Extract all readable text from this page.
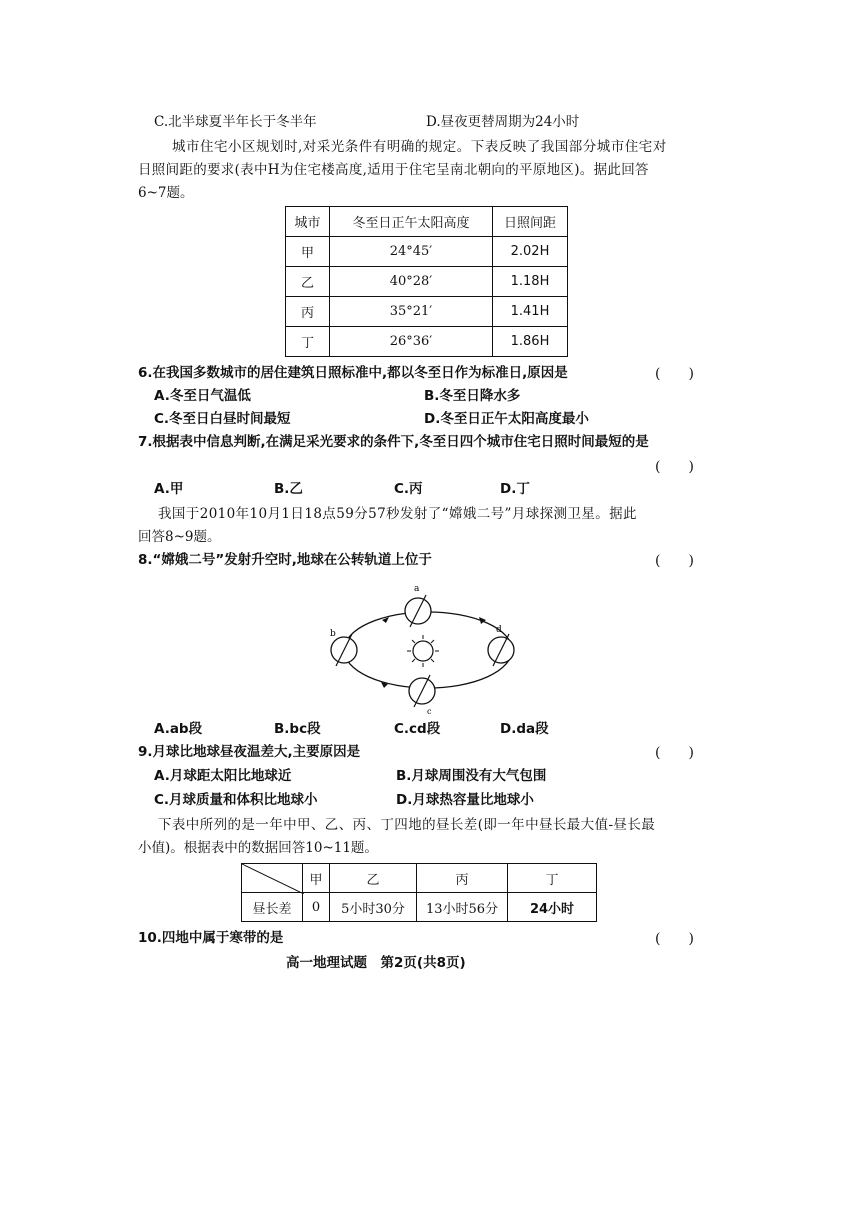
C.北半球夏半年长于冬半年	D.昼夜更替周期为24小时
城市住宅小区规划时,对采光条件有明确的规定。下表反映了我国部分城市住宅对
日照间距的要求(表中H为住宅楼高度,适用于住宅呈南北朝向的平原地区)。据此回答
6~7题。
城市	冬至日正午太阳高度	日照间距
甲	24°45′	2.02H
乙	40°28′	1.18H
丙	35°21′	1.41H
丁	26°36′	1.86H
6.在我国多数城市的居住建筑日照标准中,都以冬至日作为标准日,原因是	(　　)
A.冬至日气温低	B.冬至日降水多
C.冬至日白昼时间最短	D.冬至日正午太阳高度最小
7.根据表中信息判断,在满足采光要求的条件下,冬至日四个城市住宅日照时间最短的是
(　　)
A.甲	B.乙	C.丙	D.丁
我国于2010年10月1日18点59分57秒发射了“嫦娥二号”月球探测卫星。据此
回答8~9题。
8.“嫦娥二号”发射升空时,地球在公转轨道上位于	(　　)
a
b
c
d
A.ab段	B.bc段	C.cd段	D.da段
9.月球比地球昼夜温差大,主要原因是	(　　)
A.月球距太阳比地球近	B.月球周围没有大气包围
C.月球质量和体积比地球小	D.月球热容量比地球小
下表中所列的是一年中甲、乙、丙、丁四地的昼长差(即一年中昼长最大值-昼长最
小值)。根据表中的数据回答10~11题。
	甲	乙	丙	丁
昼长差	0	5小时30分	13小时56分	24小时
10.四地中属于寒带的是	(　　)
高一地理试题　第2页(共8页)
